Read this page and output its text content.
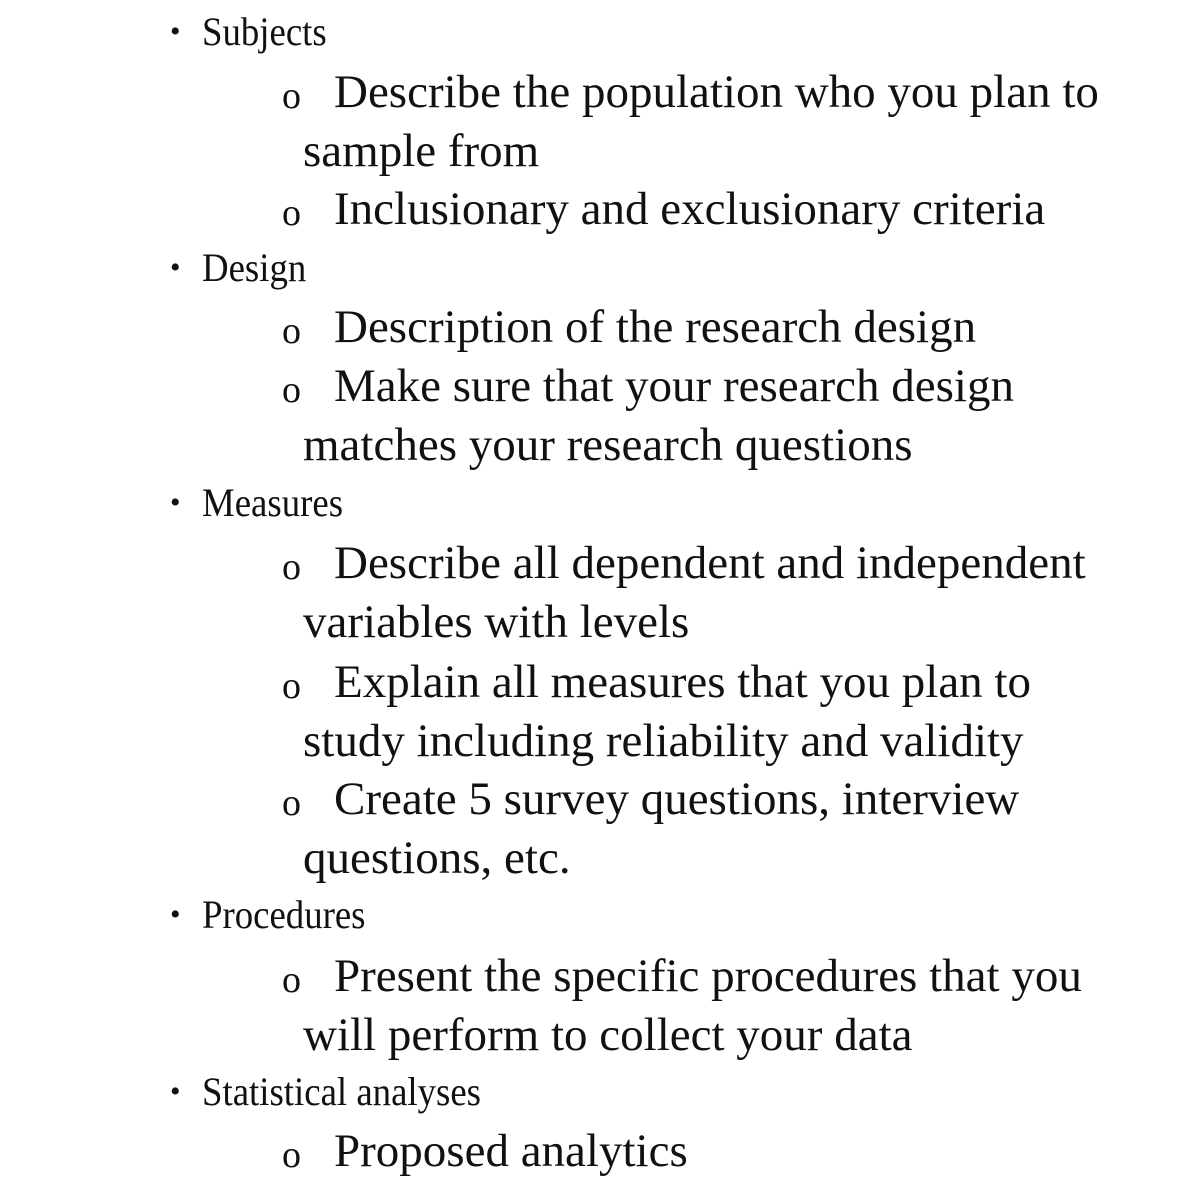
• Subjects
o Describe the population who you plan to
sample from
o Inclusionary and exclusionary criteria
• Design
o Description of the research design
o Make sure that your research design
matches your research questions
• Measures
o Describe all dependent and independent
variables with levels
o Explain all measures that you plan to
study including reliability and validity
o Create 5 survey questions, interview
questions, etc.
• Procedures
o Present the specific procedures that you
will perform to collect your data
• Statistical analyses
o Proposed analytics
